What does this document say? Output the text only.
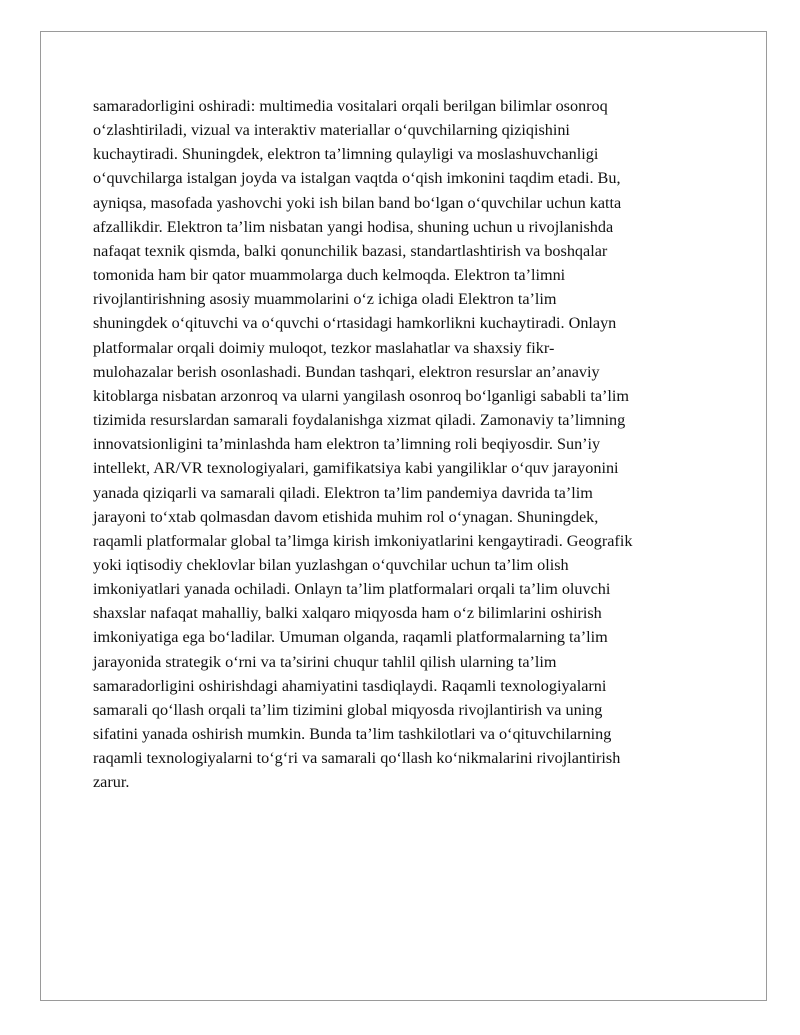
samaradorligini oshiradi: multimedia vositalari orqali berilgan bilimlar osonroq
o‘zlashtiriladi, vizual va interaktiv materiallar o‘quvchilarning qiziqishini
kuchaytiradi. Shuningdek, elektron ta’limning qulayligi va moslashuvchanligi
o‘quvchilarga istalgan joyda va istalgan vaqtda o‘qish imkonini taqdim etadi. Bu,
ayniqsa, masofada yashovchi yoki ish bilan band bo‘lgan o‘quvchilar uchun katta
afzallikdir. Elektron ta’lim nisbatan yangi hodisa, shuning uchun u rivojlanishda
nafaqat texnik qismda, balki qonunchilik bazasi, standartlashtirish va boshqalar
tomonida ham bir qator muammolarga duch kelmoqda. Elektron ta’limni
rivojlantirishning asosiy muammolarini o‘z ichiga oladi Elektron ta’lim
shuningdek o‘qituvchi va o‘quvchi o‘rtasidagi hamkorlikni kuchaytiradi. Onlayn
platformalar orqali doimiy muloqot, tezkor maslahatlar va shaxsiy fikr-
mulohazalar berish osonlashadi. Bundan tashqari, elektron resurslar an’anaviy
kitoblarga nisbatan arzonroq va ularni yangilash osonroq bo‘lganligi sababli ta’lim
tizimida resurslardan samarali foydalanishga xizmat qiladi. Zamonaviy ta’limning
innovatsionligini ta’minlashda ham elektron ta’limning roli beqiyosdir. Sun’iy
intellekt, AR/VR texnologiyalari, gamifikatsiya kabi yangiliklar o‘quv jarayonini
yanada qiziqarli va samarali qiladi. Elektron ta’lim pandemiya davrida ta’lim
jarayoni to‘xtab qolmasdan davom etishida muhim rol o‘ynagan. Shuningdek,
raqamli platformalar global ta’limga kirish imkoniyatlarini kengaytiradi. Geografik
yoki iqtisodiy cheklovlar bilan yuzlashgan o‘quvchilar uchun ta’lim olish
imkoniyatlari yanada ochiladi. Onlayn ta’lim platformalari orqali ta’lim oluvchi
shaxslar nafaqat mahalliy, balki xalqaro miqyosda ham o‘z bilimlarini oshirish
imkoniyatiga ega bo‘ladilar. Umuman olganda, raqamli platformalarning ta’lim
jarayonida strategik o‘rni va ta’sirini chuqur tahlil qilish ularning ta’lim
samaradorligini oshirishdagi ahamiyatini tasdiqlaydi. Raqamli texnologiyalarni
samarali qo‘llash orqali ta’lim tizimini global miqyosda rivojlantirish va uning
sifatini yanada oshirish mumkin. Bunda ta’lim tashkilotlari va o‘qituvchilarning
raqamli texnologiyalarni to‘g‘ri va samarali qo‘llash ko‘nikmalarini rivojlantirish
zarur.
